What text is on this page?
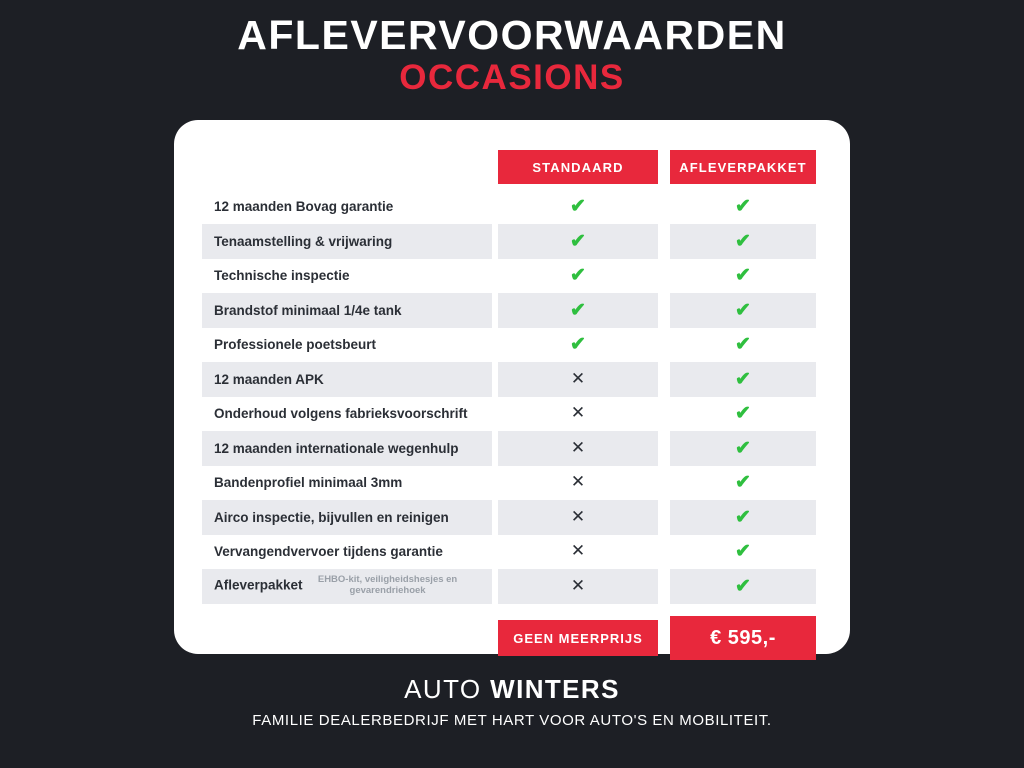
AFLEVERVOORWAARDEN
OCCASIONS

	STANDAARD	AFLEVERPAKKET

12 maanden Bovag garantie	✔	✔

Tenaamstelling & vrijwaring	✔	✔

Technische inspectie	✔	✔

Brandstof minimaal 1/4e tank	✔	✔

Professionele poetsbeurt	✔	✔

12 maanden APK	✕	✔

Onderhoud volgens fabrieksvoorschrift	✕	✔

12 maanden internationale wegenhulp	✕	✔

Bandenprofiel minimaal 3mm	✕	✔

Airco inspectie, bijvullen en reinigen	✕	✔

Vervangendvervoer tijdens garantie	✕	✔

Afleverpakket EHBO-kit, veiligheidshesjes en gevarendriehoek	✕	✔

	GEEN MEERPRIJS	€ 595,-
AUTO WINTERS
FAMILIE DEALERBEDRIJF MET HART VOOR AUTO'S EN MOBILITEIT.
